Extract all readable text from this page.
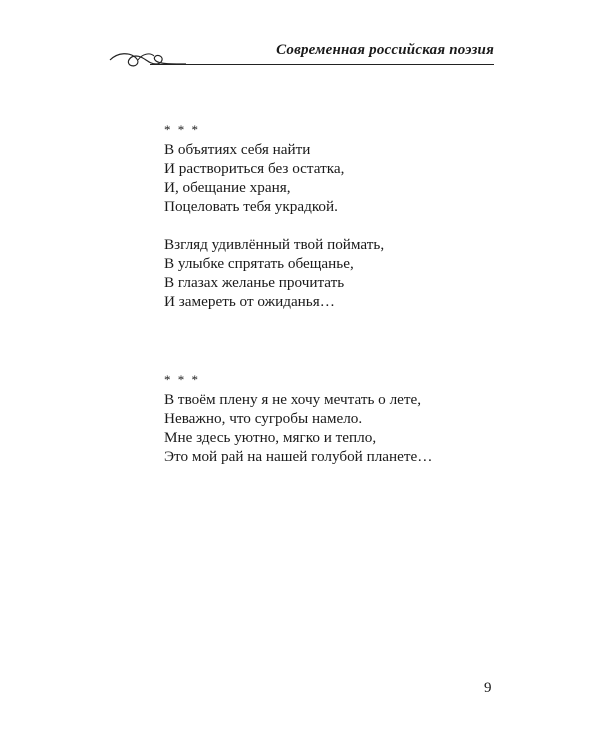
Современная российская поэзия
* * *
В объятиях себя найти
И раствориться без остатка,
И, обещание храня,
Поцеловать тебя украдкой.
Взгляд удивлённый твой поймать,
В улыбке спрятать обещанье,
В глазах желанье прочитать
И замереть от ожиданья…
* * *
В твоём плену я не хочу мечтать о лете,
Неважно, что сугробы намело.
Мне здесь уютно, мягко и тепло,
Это мой рай на нашей голубой планете…
9
